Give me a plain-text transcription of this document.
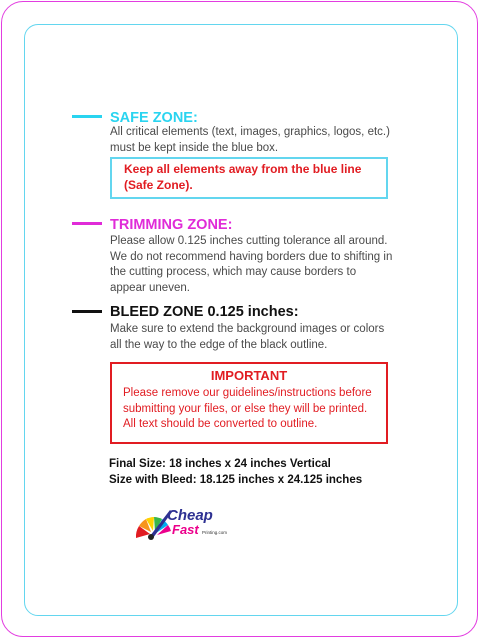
SAFE ZONE:
All critical elements (text, images, graphics, logos, etc.)
must be kept inside the blue box.
Keep all elements away from the blue line
(Safe Zone).
TRIMMING ZONE:
Please allow 0.125 inches cutting tolerance all around.
We do not recommend having borders due to shifting in
the cutting process, which may cause borders to
appear uneven.
BLEED ZONE 0.125 inches:
Make sure to extend the background images or colors
all the way to the edge of the black outline.
IMPORTANT
Please remove our guidelines/instructions before
submitting your files, or else they will be printed.
All text should be converted to outline.
Final Size: 18 inches x 24 inches Vertical
Size with Bleed: 18.125 inches x 24.125 inches
Cheap
Fast Printing.com
